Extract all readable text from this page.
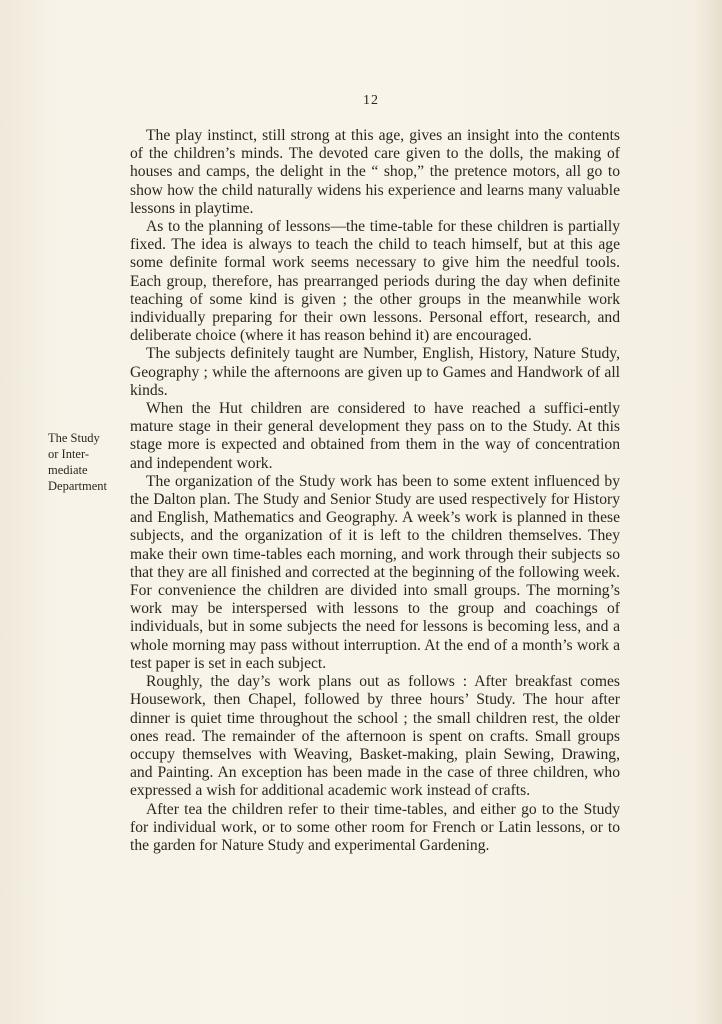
12
The Study
or Inter-
mediate
Department

The play instinct, still strong at this age, gives an insight into the contents of the children’s minds. The devoted care given to the dolls, the making of houses and camps, the delight in the “ shop,” the pretence motors, all go to show how the child naturally widens his experience and learns many valuable lessons in playtime.

As to the planning of lessons—the time-table for these children is partially fixed. The idea is always to teach the child to teach himself, but at this age some definite formal work seems necessary to give him the needful tools. Each group, therefore, has prearranged periods during the day when definite teaching of some kind is given ; the other groups in the meanwhile work individually preparing for their own lessons. Personal effort, research, and deliberate choice (where it has reason behind it) are encouraged.

The subjects definitely taught are Number, English, History, Nature Study, Geography ; while the afternoons are given up to Games and Handwork of all kinds.

When the Hut children are considered to have reached a suffici-ently mature stage in their general development they pass on to the Study. At this stage more is expected and obtained from them in the way of concentration and independent work.

The organization of the Study work has been to some extent influenced by the Dalton plan. The Study and Senior Study are used respectively for History and English, Mathematics and Geography. A week’s work is planned in these subjects, and the organization of it is left to the children themselves. They make their own time-tables each morning, and work through their subjects so that they are all finished and corrected at the beginning of the following week. For convenience the children are divided into small groups. The morning’s work may be interspersed with lessons to the group and coachings of individuals, but in some subjects the need for lessons is becoming less, and a whole morning may pass without interruption. At the end of a month’s work a test paper is set in each subject.

Roughly, the day’s work plans out as follows : After breakfast comes Housework, then Chapel, followed by three hours’ Study. The hour after dinner is quiet time throughout the school ; the small children rest, the older ones read. The remainder of the afternoon is spent on crafts. Small groups occupy themselves with Weaving, Basket-making, plain Sewing, Drawing, and Painting. An exception has been made in the case of three children, who expressed a wish for additional academic work instead of crafts.

After tea the children refer to their time-tables, and either go to the Study for individual work, or to some other room for French or Latin lessons, or to the garden for Nature Study and experimental Gardening.
